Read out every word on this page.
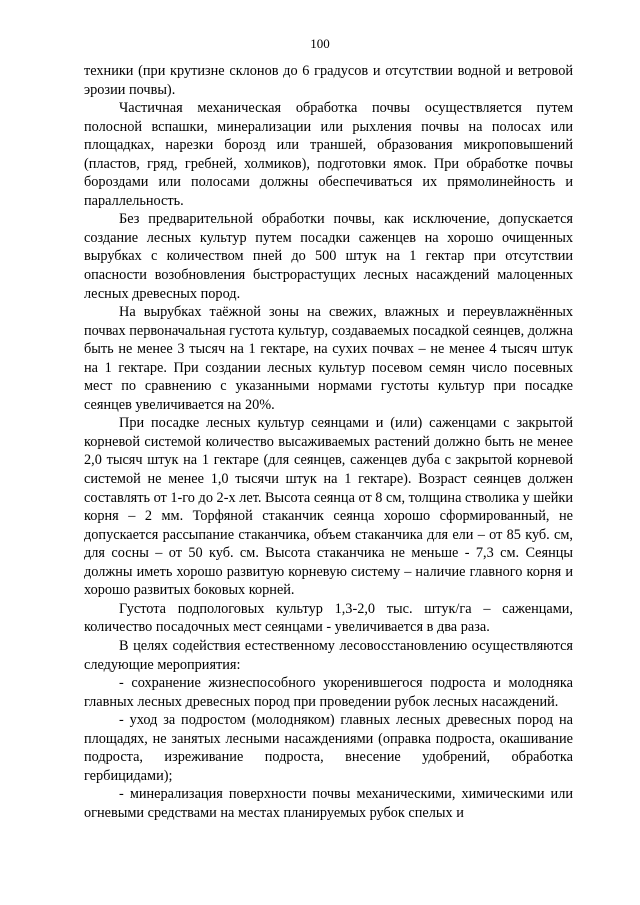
100

техники (при крутизне склонов до 6 градусов и отсутствии водной и ветровой эрозии почвы).

Частичная механическая обработка почвы осуществляется путем полосной вспашки, минерализации или рыхления почвы на полосах или площадках, нарезки борозд или траншей, образования микроповышений (пластов, гряд, гребней, холмиков), подготовки ямок. При обработке почвы бороздами или полосами должны обеспечиваться их прямолинейность и параллельность.

Без предварительной обработки почвы, как исключение, допускается создание лесных культур путем посадки саженцев на хорошо очищенных вырубках с количеством пней до 500 штук на 1 гектар при отсутствии опасности возобновления быстрорастущих лесных насаждений малоценных лесных древесных пород.

На вырубках таёжной зоны на свежих, влажных и переувлажнённых почвах первоначальная густота культур, создаваемых посадкой сеянцев, должна быть не менее 3 тысяч на 1 гектаре, на сухих почвах – не менее 4 тысяч штук на 1 гектаре. При создании лесных культур посевом семян число посевных мест по сравнению с указанными нормами густоты культур при посадке сеянцев увеличивается на 20%.

При посадке лесных культур сеянцами и (или) саженцами с закрытой корневой системой количество высаживаемых растений должно быть не менее 2,0 тысяч штук на 1 гектаре (для сеянцев, саженцев дуба с закрытой корневой системой не менее 1,0 тысячи штук на 1 гектаре). Возраст сеянцев должен составлять от 1-го до 2-х лет. Высота сеянца от 8 см, толщина стволика у шейки корня – 2 мм. Торфяной стаканчик сеянца хорошо сформированный, не допускается рассыпание стаканчика, объем стаканчика для ели – от 85 куб. см, для сосны – от 50 куб. см. Высота стаканчика не меньше - 7,3 см. Сеянцы должны иметь хорошо развитую корневую систему – наличие главного корня и хорошо развитых боковых корней.

Густота подпологовых культур 1,3-2,0 тыс. штук/га – саженцами, количество посадочных мест сеянцами - увеличивается в два раза.

В целях содействия естественному лесовосстановлению осуществляются следующие мероприятия:

- сохранение жизнеспособного укоренившегося подроста и молодняка главных лесных древесных пород при проведении рубок лесных насаждений.

- уход за подростом (молодняком) главных лесных древесных пород на площадях, не занятых лесными насаждениями (оправка подроста, окашивание подроста, изреживание подроста, внесение удобрений, обработка гербицидами);

- минерализация поверхности почвы механическими, химическими или огневыми средствами на местах планируемых рубок спелых и
